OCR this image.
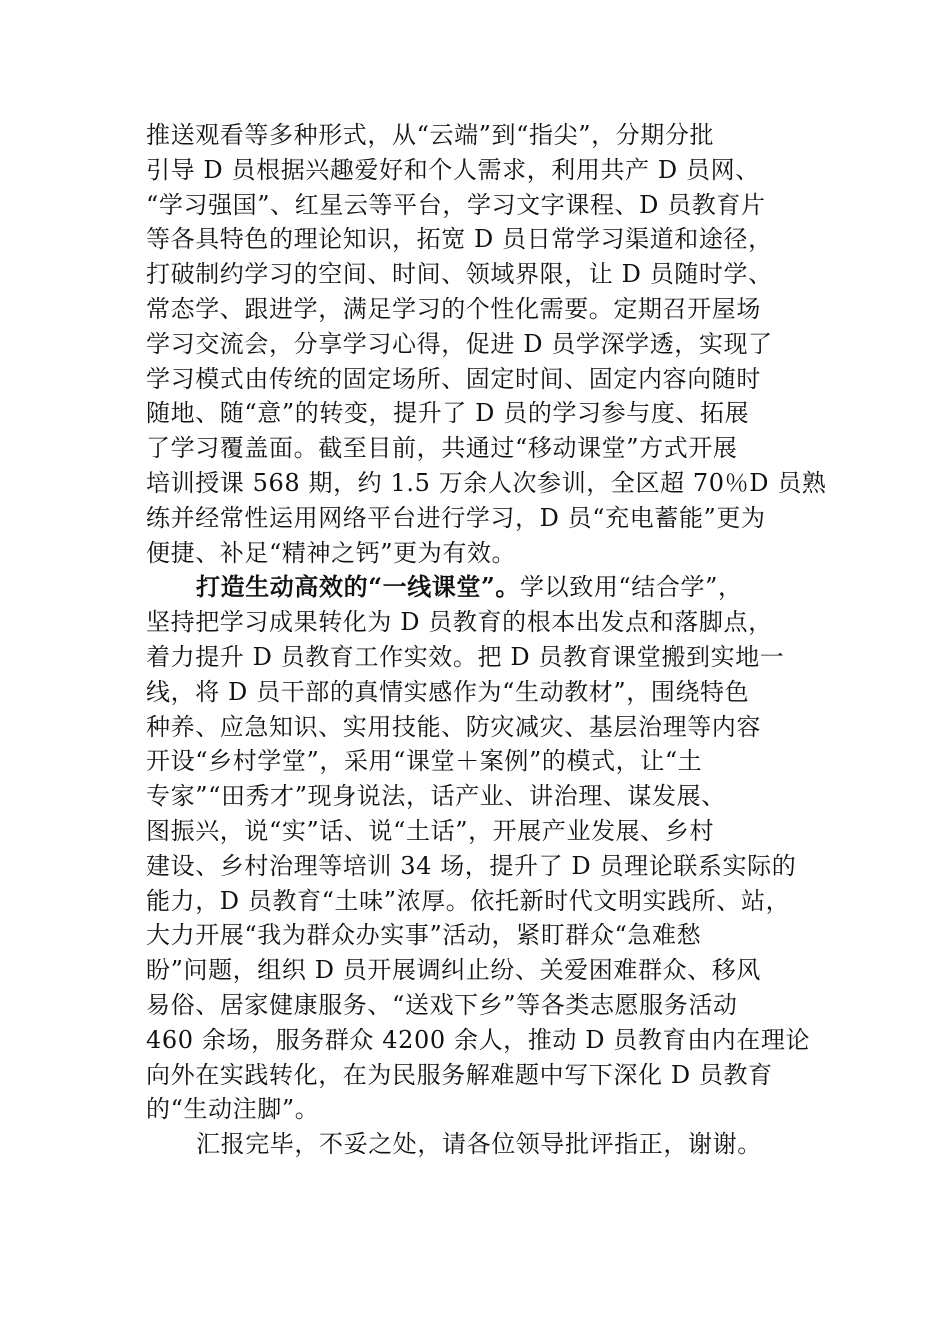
推送观看等多种形式，从“云端”到“指尖”，分期分批
引导 D 员根据兴趣爱好和个人需求，利用共产 D 员网、
“学习强国”、红星云等平台，学习文字课程、D 员教育片
等各具特色的理论知识，拓宽 D 员日常学习渠道和途径，
打破制约学习的空间、时间、领域界限，让 D 员随时学、
常态学、跟进学，满足学习的个性化需要。定期召开屋场
学习交流会，分享学习心得，促进 D 员学深学透，实现了
学习模式由传统的固定场所、固定时间、固定内容向随时
随地、随“意”的转变，提升了 D 员的学习参与度、拓展
了学习覆盖面。截至目前，共通过“移动课堂”方式开展
培训授课 568 期，约 1.5 万余人次参训，全区超 70％D 员熟
练并经常性运用网络平台进行学习，D 员“充电蓄能”更为
便捷、补足“精神之钙”更为有效。
打造生动高效的“一线课堂”。学以致用“结合学”，
坚持把学习成果转化为 D 员教育的根本出发点和落脚点，
着力提升 D 员教育工作实效。把 D 员教育课堂搬到实地一
线，将 D 员干部的真情实感作为“生动教材”，围绕特色
种养、应急知识、实用技能、防灾减灾、基层治理等内容
开设“乡村学堂”，采用“课堂＋案例”的模式，让“土
专家”“田秀才”现身说法，话产业、讲治理、谋发展、
图振兴，说“实”话、说“土话”，开展产业发展、乡村
建设、乡村治理等培训 34 场，提升了 D 员理论联系实际的
能力，D 员教育“土味”浓厚。依托新时代文明实践所、站，
大力开展“我为群众办实事”活动，紧盯群众“急难愁
盼”问题，组织 D 员开展调纠止纷、关爱困难群众、移风
易俗、居家健康服务、“送戏下乡”等各类志愿服务活动
460 余场，服务群众 4200 余人，推动 D 员教育由内在理论
向外在实践转化，在为民服务解难题中写下深化 D 员教育
的“生动注脚”。
汇报完毕，不妥之处，请各位领导批评指正，谢谢。
